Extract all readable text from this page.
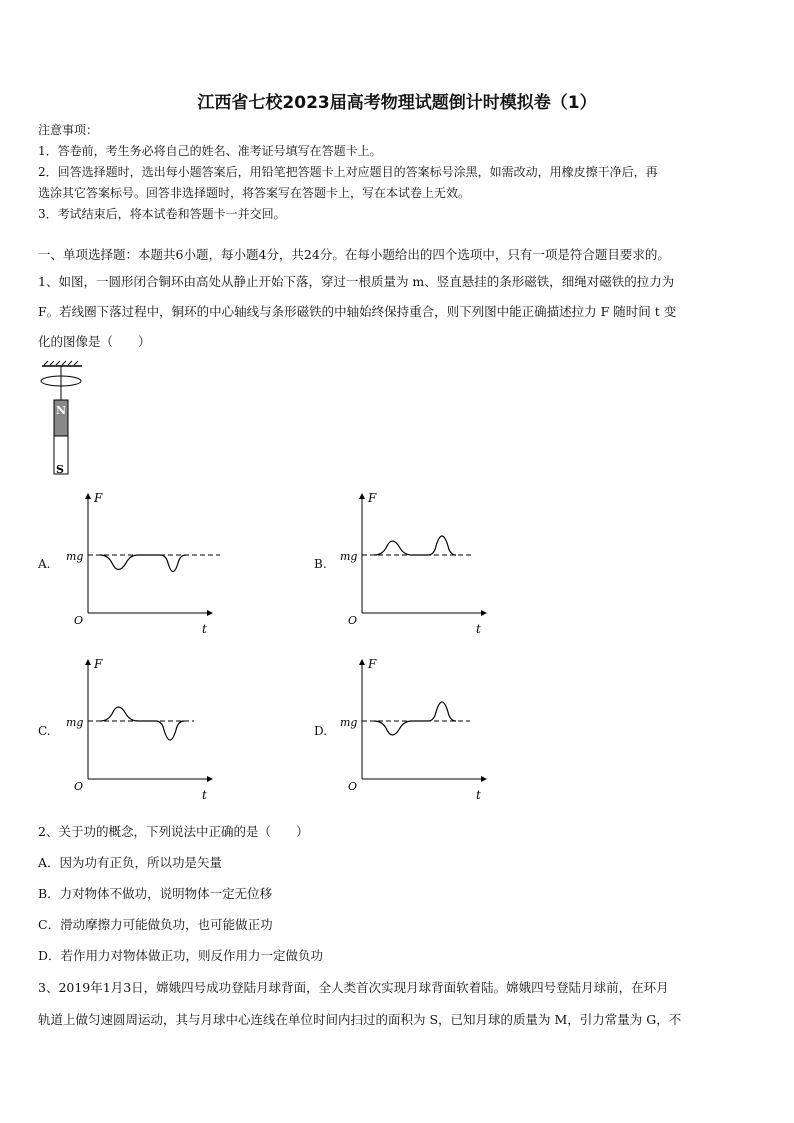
江西省七校2023届高考物理试题倒计时模拟卷（1）
注意事项：
1．答卷前，考生务必将自己的姓名、准考证号填写在答题卡上。
2．回答选择题时，选出每小题答案后，用铅笔把答题卡上对应题目的答案标号涂黑，如需改动，用橡皮擦干净后，再
选涂其它答案标号。回答非选择题时，将答案写在答题卡上，写在本试卷上无效。
3．考试结束后，将本试卷和答题卡一并交回。
一、单项选择题：本题共6小题，每小题4分，共24分。在每小题给出的四个选项中，只有一项是符合题目要求的。
1、如图，一圆形闭合铜环由高处从静止开始下落，穿过一根质量为 m、竖直悬挂的条形磁铁，细绳对磁铁的拉力为
F。若线圈下落过程中，铜环的中心轴线与条形磁铁的中轴始终保持重合，则下列图中能正确描述拉力 F 随时间 t 变
化的图像是（　　）
N
S
A.	B.
C.	D.
F
mg
O
t
F
mg
O
t
F
mg
O
t
F
mg
O
t
2、关于功的概念，下列说法中正确的是（　　）
A．因为功有正负，所以功是矢量
B．力对物体不做功，说明物体一定无位移
C．滑动摩擦力可能做负功，也可能做正功
D．若作用力对物体做正功，则反作用力一定做负功
3、2019年1月3日，嫦娥四号成功登陆月球背面，全人类首次实现月球背面软着陆。嫦娥四号登陆月球前，在环月
轨道上做匀速圆周运动，其与月球中心连线在单位时间内扫过的面积为 S，已知月球的质量为 M，引力常量为 G，不
